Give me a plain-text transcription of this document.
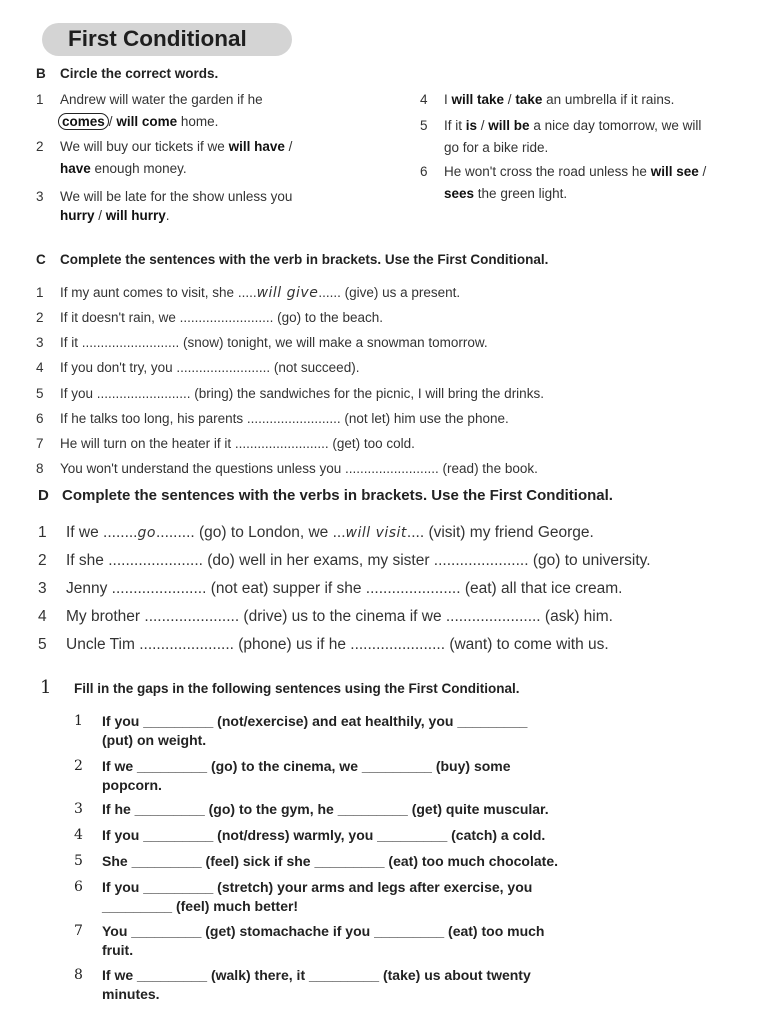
First Conditional
B Circle the correct words.
1 Andrew will water the garden if he
comes / will come home.
2 We will buy our tickets if we will have /
have enough money.
3 We will be late for the show unless you
hurry / will hurry.
4 I will take / take an umbrella if it rains.
5 If it is / will be a nice day tomorrow, we will
go for a bike ride.
6 He won't cross the road unless he will see /
sees the green light.
C Complete the sentences with the verb in brackets. Use the First Conditional.
1 If my aunt comes to visit, she .....will give...... (give) us a present.
2 If it doesn't rain, we ......................... (go) to the beach.
3 If it .......................... (snow) tonight, we will make a snowman tomorrow.
4 If you don't try, you ......................... (not succeed).
5 If you ......................... (bring) the sandwiches for the picnic, I will bring the drinks.
6 If he talks too long, his parents ......................... (not let) him use the phone.
7 He will turn on the heater if it ......................... (get) too cold.
8 You won't understand the questions unless you ......................... (read) the book.
D Complete the sentences with the verbs in brackets. Use the First Conditional.
1 If we ........go......... (go) to London, we ...will visit.... (visit) my friend George.
2 If she ...................... (do) well in her exams, my sister ...................... (go) to university.
3 Jenny ...................... (not eat) supper if she ...................... (eat) all that ice cream.
4 My brother ...................... (drive) us to the cinema if we ...................... (ask) him.
5 Uncle Tim ...................... (phone) us if he ...................... (want) to come with us.
1 Fill in the gaps in the following sentences using the First Conditional.
1 If you _________ (not/exercise) and eat healthily, you _________
(put) on weight.
2 If we _________ (go) to the cinema, we _________ (buy) some
popcorn.
3 If he _________ (go) to the gym, he _________ (get) quite muscular.
4 If you _________ (not/dress) warmly, you _________ (catch) a cold.
5 She _________ (feel) sick if she _________ (eat) too much chocolate.
6 If you _________ (stretch) your arms and legs after exercise, you
_________ (feel) much better!
7 You _________ (get) stomachache if you _________ (eat) too much
fruit.
8 If we _________ (walk) there, it _________ (take) us about twenty
minutes.
